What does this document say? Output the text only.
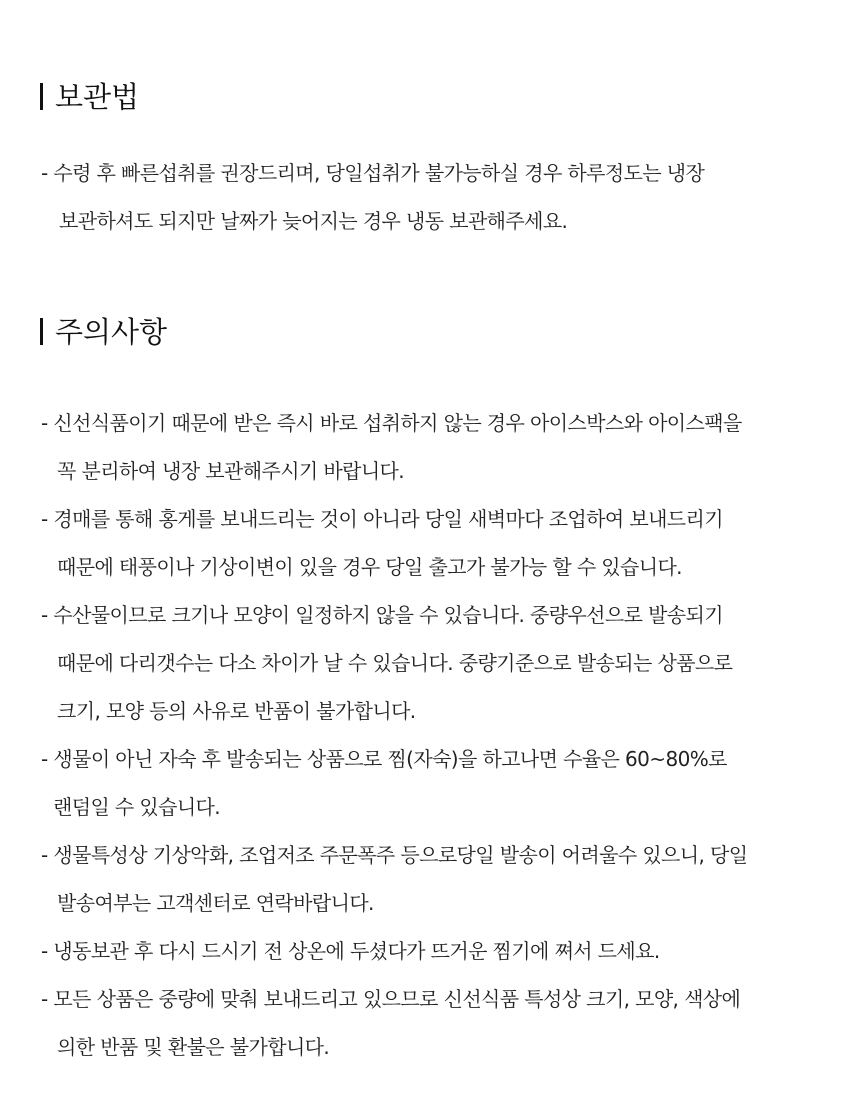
보관법

- 수령 후 빠른섭취를 권장드리며, 당일섭취가 불가능하실 경우 하루정도는 냉장

보관하셔도 되지만 날짜가 늦어지는 경우 냉동 보관해주세요.

주의사항

- 신선식품이기 때문에 받은 즉시 바로 섭취하지 않는 경우 아이스박스와 아이스팩을

꼭 분리하여 냉장 보관해주시기 바랍니다.

- 경매를 통해 홍게를 보내드리는 것이 아니라 당일 새벽마다 조업하여 보내드리기

때문에 태풍이나 기상이변이 있을 경우 당일 출고가 불가능 할 수 있습니다.

- 수산물이므로 크기나 모양이 일정하지 않을 수 있습니다. 중량우선으로 발송되기

때문에 다리갯수는 다소 차이가 날 수 있습니다. 중량기준으로 발송되는 상품으로

크기, 모양 등의 사유로 반품이 불가합니다.

- 생물이 아닌 자숙 후 발송되는 상품으로 찜(자숙)을 하고나면 수율은 60~80%로

랜덤일 수 있습니다.

- 생물특성상 기상악화, 조업저조 주문폭주 등으로당일 발송이 어려울수 있으니, 당일

발송여부는 고객센터로 연락바랍니다.

- 냉동보관 후 다시 드시기 전 상온에 두셨다가 뜨거운 찜기에 쪄서 드세요.

- 모든 상품은 중량에 맞춰 보내드리고 있으므로 신선식품 특성상 크기, 모양, 색상에

의한 반품 및 환불은 불가합니다.
